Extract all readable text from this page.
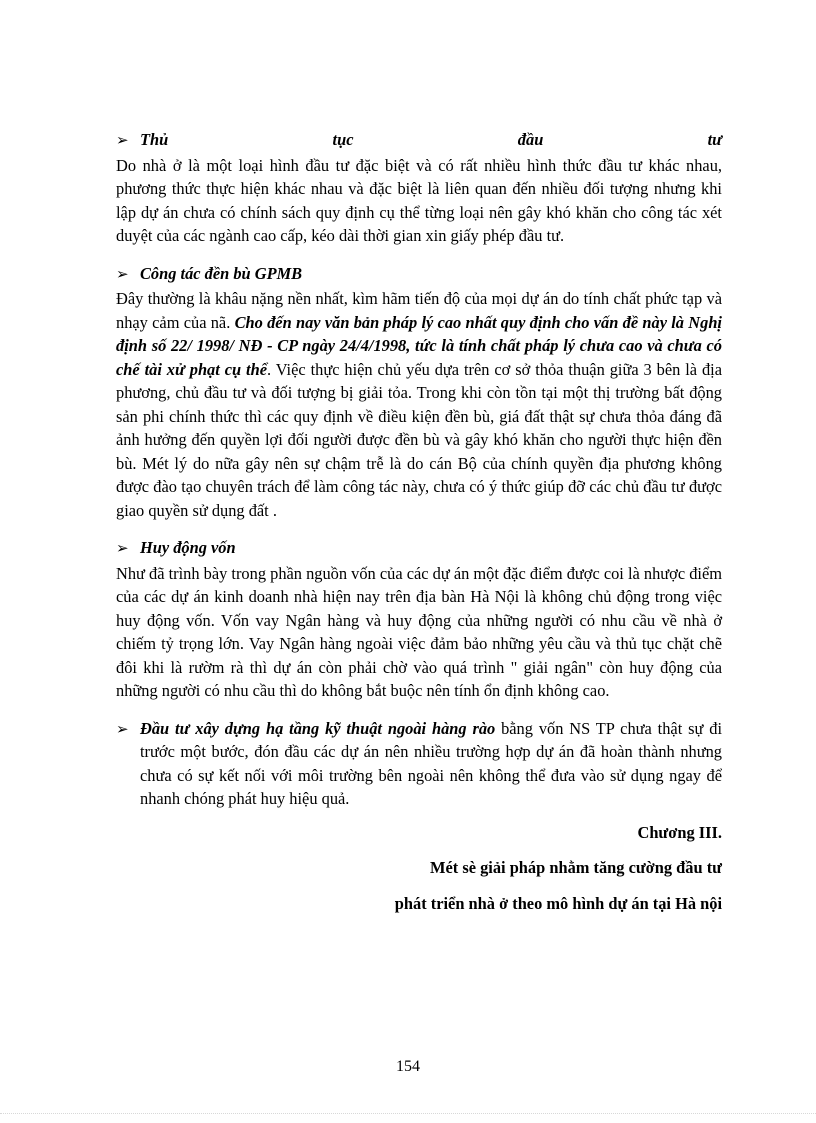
➢ Thủ	tục	đầu	tư

Do nhà ở là một loại hình đầu tư đặc biệt và có rất nhiều hình thức đầu tư khác nhau, phương thức thực hiện khác nhau và đặc biệt là liên quan đến nhiều đối tượng nhưng khi lập dự án chưa có chính sách quy định cụ thể từng loại nên gây khó khăn cho công tác xét duyệt của các ngành cao cấp, kéo dài thời gian xin giấy phép đầu tư.

➢ Công tác đền bù GPMB

Đây thường là khâu nặng nền nhất, kìm hãm tiến độ của mọi dự án do tính chất phức tạp và nhạy cảm của nã. Cho đến nay văn bản pháp lý cao nhất quy định cho vấn đề này là Nghị định số 22/ 1998/ NĐ - CP ngày 24/4/1998, tức là tính chất pháp lý chưa cao và chưa có chế tài xử phạt cụ thể. Việc thực hiện chủ yếu dựa trên cơ sở thỏa thuận giữa 3 bên là địa phương, chủ đầu tư và đối tượng bị giải tỏa. Trong khi còn tồn tại một thị trường bất động sản phi chính thức thì các quy định về điều kiện đền bù, giá đất thật sự chưa thỏa đáng đã ảnh hưởng đến quyền lợi đối người được đền bù và gây khó khăn cho người thực hiện đền bù. Mét lý do nữa gây nên sự chậm trễ là do cán Bộ của chính quyền địa phương không được đào tạo chuyên trách để làm công tác này, chưa có ý thức giúp đỡ các chủ đầu tư được giao quyền sử dụng đất .

➢ Huy động vốn

Như đã trình bày trong phần nguồn vốn của các dự án một đặc điểm được coi là nhược điểm của các dự án kinh doanh nhà hiện nay trên địa bàn Hà Nội là không chủ động trong việc huy động vốn. Vốn vay Ngân hàng và huy động của những người có nhu cầu về nhà ở chiếm tỷ trọng lớn. Vay Ngân hàng ngoài việc đảm bảo những yêu cầu và thủ tục chặt chẽ đôi khi là rườm rà thì dự án còn phải chờ vào quá trình " giải ngân" còn huy động của những người có nhu cầu thì do không bắt buộc nên tính ổn định không cao.

➢ Đầu tư xây dựng hạ tầng kỹ thuật ngoài hàng rào bằng vốn NS TP chưa thật sự đi trước một bước, đón đầu các dự án nên nhiều trường hợp dự án đã hoàn thành nhưng chưa có sự kết nối với môi trường bên ngoài nên không thể đưa vào sử dụng ngay để nhanh chóng phát huy hiệu quả.
Chương III.
Mét sè giải pháp nhằm tăng cường đầu tư
phát triển nhà ở theo mô hình dự án tại Hà nội
154
